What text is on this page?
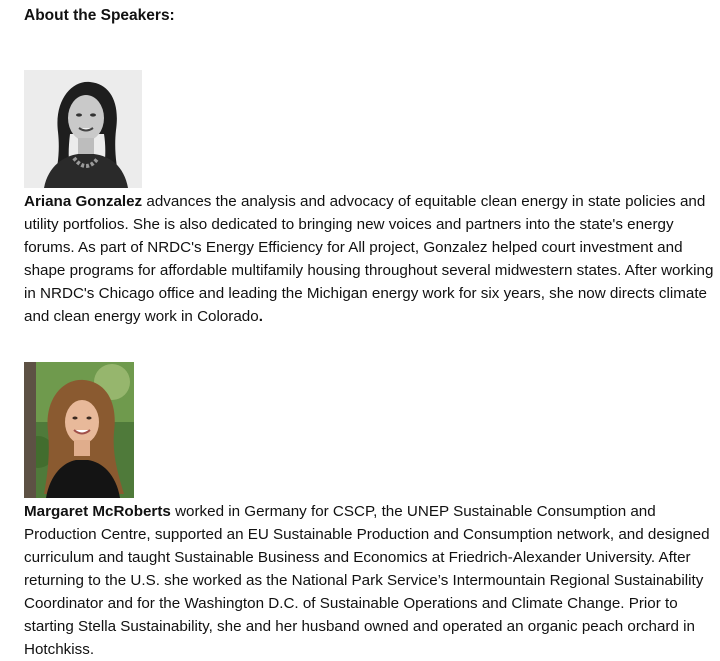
About the Speakers:

Ariana Gonzalez advances the analysis and advocacy of equitable clean energy in state policies and utility portfolios. She is also dedicated to bringing new voices and partners into the state's energy forums. As part of NRDC's Energy Efficiency for All project, Gonzalez helped court investment and shape programs for affordable multifamily housing throughout several midwestern states. After working in NRDC's Chicago office and leading the Michigan energy work for six years, she now directs climate and clean energy work in Colorado.

Margaret McRoberts worked in Germany for CSCP, the UNEP Sustainable Consumption and Production Centre, supported an EU Sustainable Production and Consumption network, and designed curriculum and taught Sustainable Business and Economics at Friedrich-Alexander University. After returning to the U.S. she worked as the National Park Service’s Intermountain Regional Sustainability Coordinator and for the Washington D.C. of Sustainable Operations and Climate Change. Prior to starting Stella Sustainability, she and her husband owned and operated an organic peach orchard in Hotchkiss.
